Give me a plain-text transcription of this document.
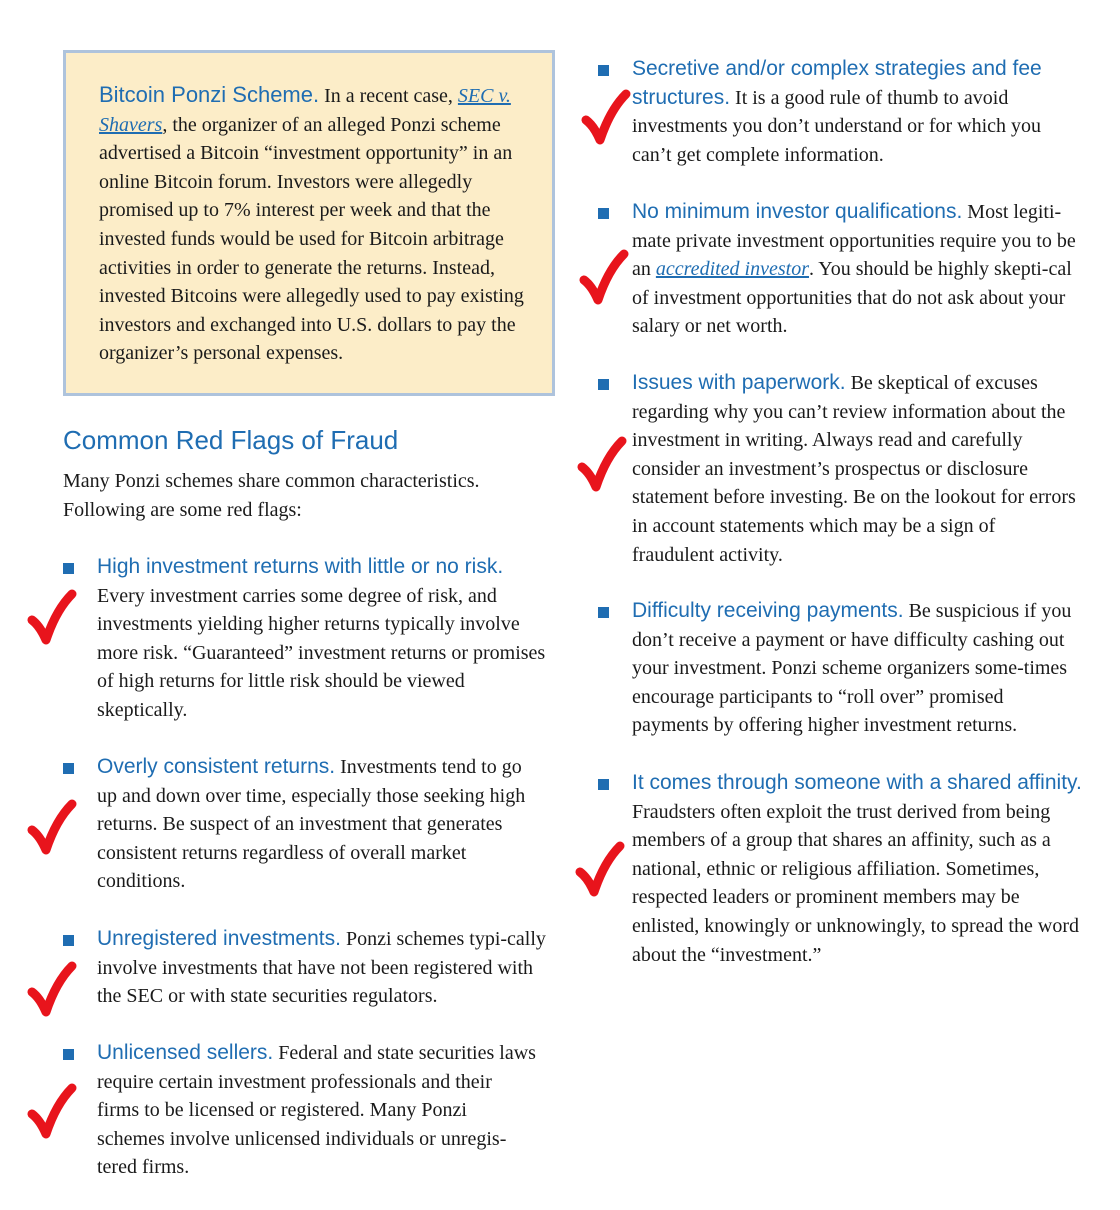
Bitcoin Ponzi Scheme. In a recent case, SEC v. Shavers, the organizer of an alleged Ponzi scheme advertised a Bitcoin “investment opportunity” in an online Bitcoin forum. Investors were allegedly promised up to 7% interest per week and that the invested funds would be used for Bitcoin arbitrage activities in order to generate the returns. Instead, invested Bitcoins were allegedly used to pay existing investors and exchanged into U.S. dollars to pay the organizer’s personal expenses.
Common Red Flags of Fraud
Many Ponzi schemes share common characteristics. Following are some red flags:
High investment returns with little or no risk.
Every investment carries some degree of risk, and investments yielding higher returns typically involve more risk. “Guaranteed” investment returns or promises of high returns for little risk should be viewed skeptically.
Overly consistent returns. Investments tend to go up and down over time, especially those seeking high returns. Be suspect of an investment that generates consistent returns regardless of overall market conditions.
Unregistered investments. Ponzi schemes typi-cally involve investments that have not been registered with the SEC or with state securities regulators.
Unlicensed sellers. Federal and state securities laws require certain investment professionals and their firms to be licensed or registered. Many Ponzi schemes involve unlicensed individuals or unregis-tered firms.
Secretive and/or complex strategies and fee structures. It is a good rule of thumb to avoid investments you don’t understand or for which you can’t get complete information.
No minimum investor qualifications. Most legiti-mate private investment opportunities require you to be an accredited investor. You should be highly skepti-cal of investment opportunities that do not ask about your salary or net worth.
Issues with paperwork. Be skeptical of excuses regarding why you can’t review information about the investment in writing. Always read and carefully consider an investment’s prospectus or disclosure statement before investing. Be on the lookout for errors in account statements which may be a sign of fraudulent activity.
Difficulty receiving payments. Be suspicious if you don’t receive a payment or have difficulty cashing out your investment. Ponzi scheme organizers some-times encourage participants to “roll over” promised payments by offering higher investment returns.
It comes through someone with a shared affinity. Fraudsters often exploit the trust derived from being members of a group that shares an affinity, such as a national, ethnic or religious affiliation. Sometimes, respected leaders or prominent members may be enlisted, knowingly or unknowingly, to spread the word about the “investment.”
